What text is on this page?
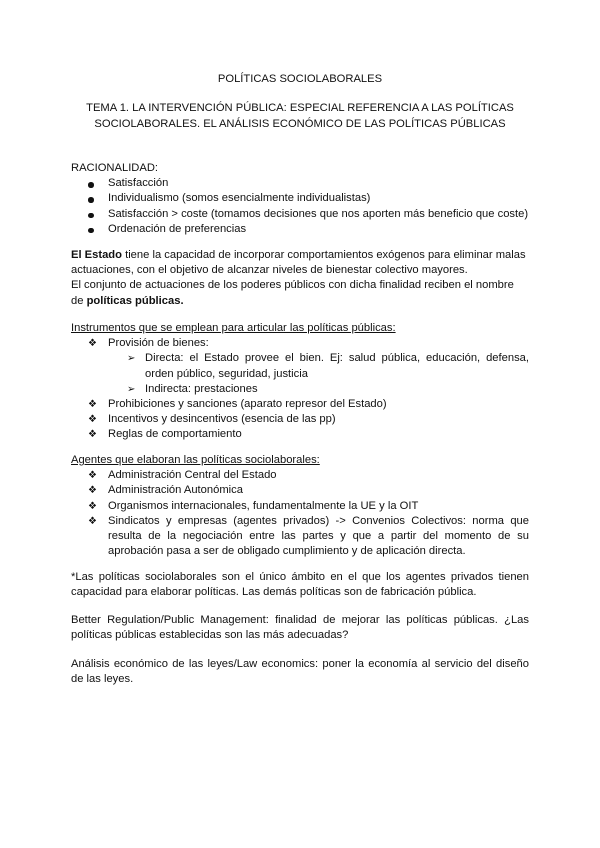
POLÍTICAS SOCIOLABORALES
TEMA 1. LA INTERVENCIÓN PÚBLICA: ESPECIAL REFERENCIA A LAS POLÍTICAS SOCIOLABORALES. EL ANÁLISIS ECONÓMICO DE LAS POLÍTICAS PÚBLICAS

RACIONALIDAD:

Satisfacción
Individualismo (somos esencialmente individualistas)
Satisfacción > coste (tomamos decisiones que nos aporten más beneficio que coste)
Ordenación de preferencias

El Estado tiene la capacidad de incorporar comportamientos exógenos para eliminar malas actuaciones, con el objetivo de alcanzar niveles de bienestar colectivo mayores.

El conjunto de actuaciones de los poderes públicos con dicha finalidad reciben el nombre de políticas públicas.

Instrumentos que se emplean para articular las políticas públicas:

❖ Provisión de bienes:
➢ Directa: el Estado provee el bien. Ej: salud pública, educación, defensa, orden público, seguridad, justicia
➢ Indirecta: prestaciones
❖ Prohibiciones y sanciones (aparato represor del Estado)
❖ Incentivos y desincentivos (esencia de las pp)
❖ Reglas de comportamiento

Agentes que elaboran las políticas sociolaborales:

❖ Administración Central del Estado
❖ Administración Autonómica
❖ Organismos internacionales, fundamentalmente la UE y la OIT
❖ Sindicatos y empresas (agentes privados) -> Convenios Colectivos: norma que resulta de la negociación entre las partes y que a partir del momento de su aprobación pasa a ser de obligado cumplimiento y de aplicación directa.

*Las políticas sociolaborales son el único ámbito en el que los agentes privados tienen capacidad para elaborar políticas. Las demás políticas son de fabricación pública.

Better Regulation/Public Management: finalidad de mejorar las políticas públicas. ¿Las políticas públicas establecidas son las más adecuadas?

Análisis económico de las leyes/Law economics: poner la economía al servicio del diseño de las leyes.
